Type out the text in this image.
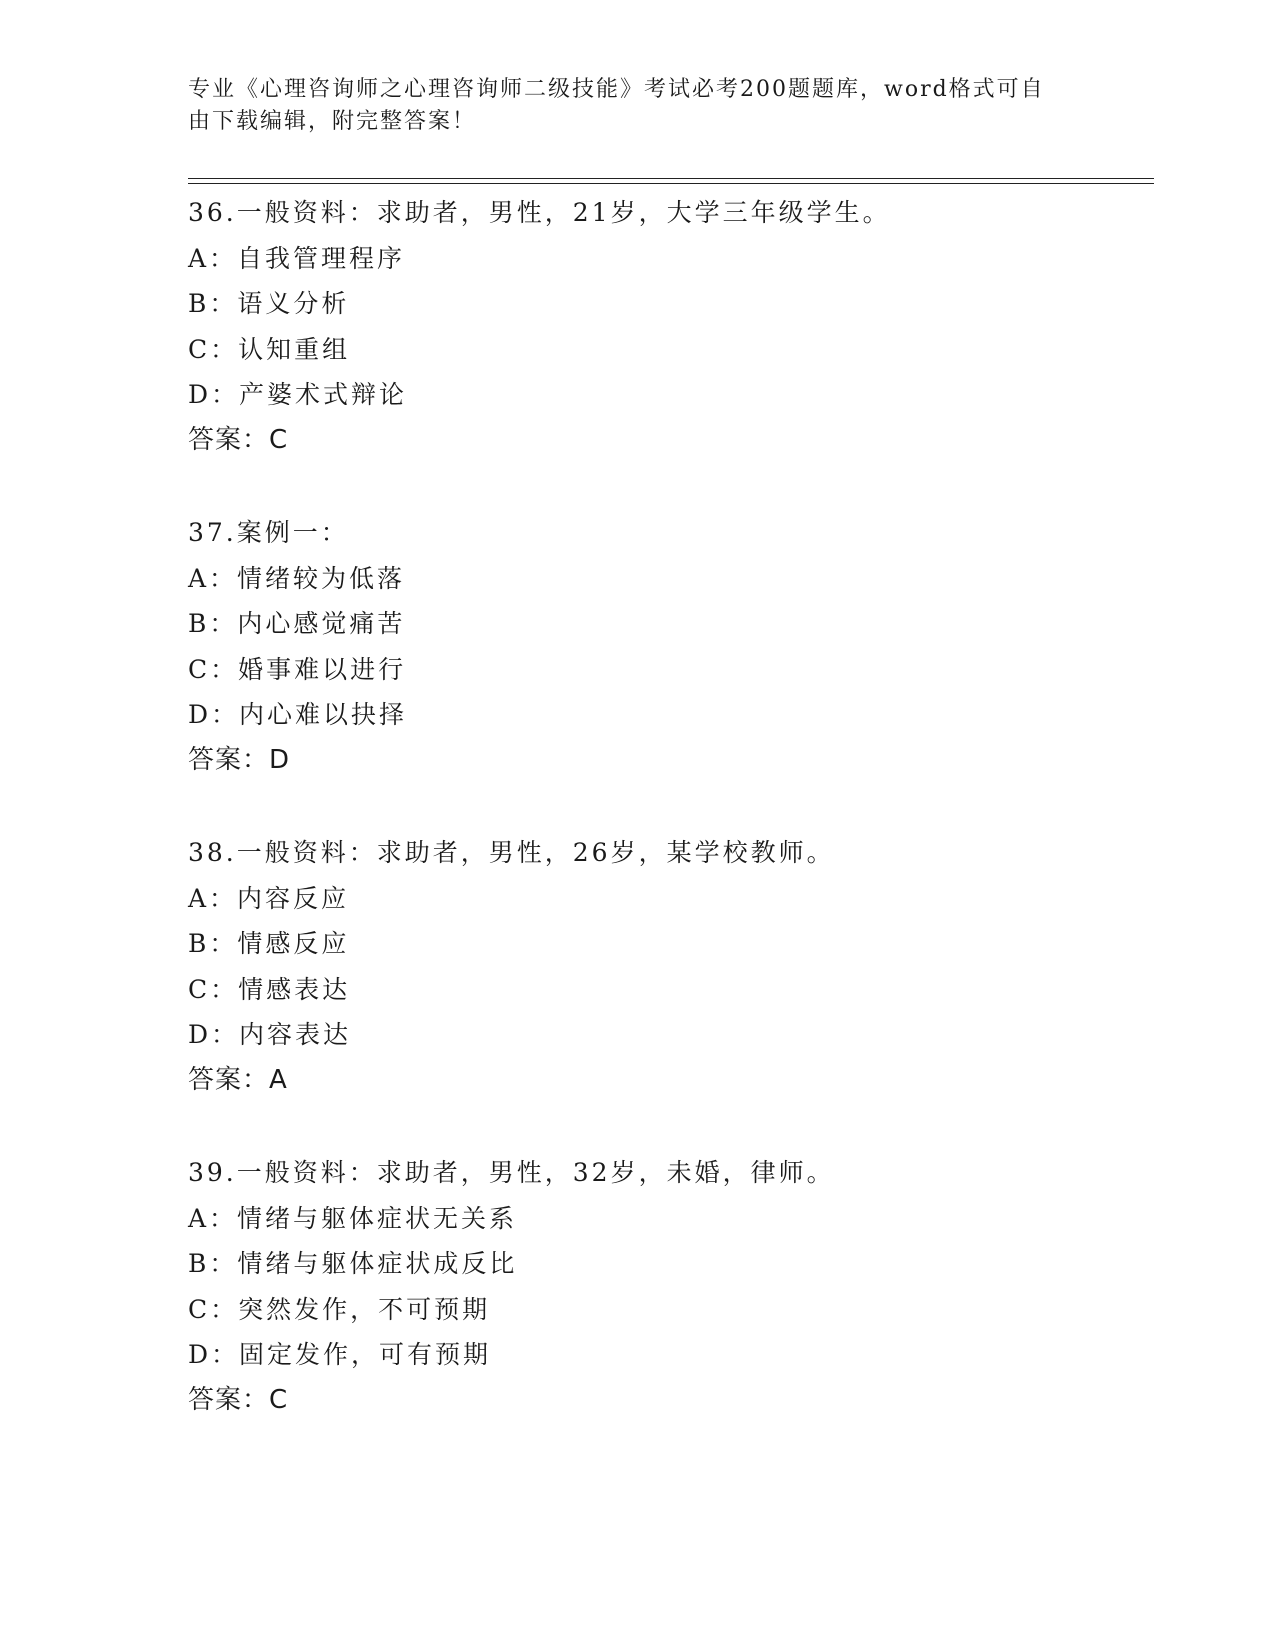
专业《心理咨询师之心理咨询师二级技能》考试必考200题题库，word格式可自由下载编辑，附完整答案！
36.一般资料：求助者，男性，21岁，大学三年级学生。
A：自我管理程序
B：语义分析
C：认知重组
D：产婆术式辩论
答案：C
37.案例一：
A：情绪较为低落
B：内心感觉痛苦
C：婚事难以进行
D：内心难以抉择
答案：D
38.一般资料：求助者，男性，26岁，某学校教师。
A：内容反应
B：情感反应
C：情感表达
D：内容表达
答案：A
39.一般资料：求助者，男性，32岁，未婚，律师。
A：情绪与躯体症状无关系
B：情绪与躯体症状成反比
C：突然发作，不可预期
D：固定发作，可有预期
答案：C
